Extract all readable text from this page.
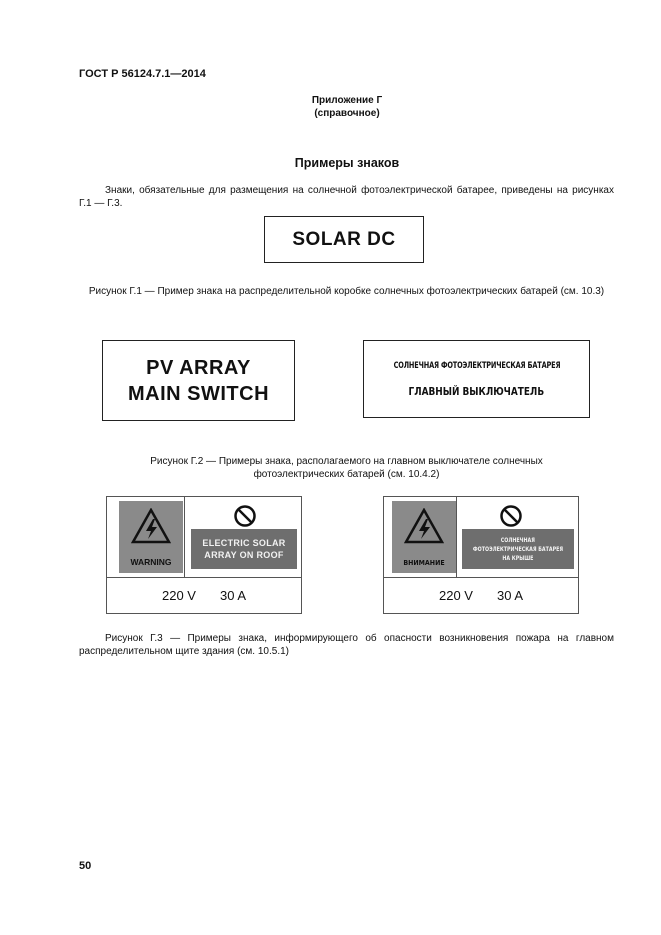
ГОСТ Р 56124.7.1—2014
Приложение Г
(справочное)
Примеры знаков
Знаки, обязательные для размещения на солнечной фотоэлектрической батарее, приведены на рисунках Г.1 — Г.3.
SOLAR DC
Рисунок Г.1 — Пример знака на распределительной коробке солнечных фотоэлектрических батарей (см. 10.3)
PV ARRAY
MAIN SWITCH
СОЛНЕЧНАЯ ФОТОЭЛЕКТРИЧЕСКАЯ БАТАРЕЯ
ГЛАВНЫЙ ВЫКЛЮЧАТЕЛЬ
Рисунок Г.2 — Примеры знака, располагаемого на главном выключателе солнечных
фотоэлектрических батарей (см. 10.4.2)
WARNING
ELECTRIC SOLAR
ARRAY ON ROOF
220 V 30 A
ВНИМАНИЕ
СОЛНЕЧНАЯ
ФОТОЭЛЕКТРИЧЕСКАЯ БАТАРЕЯ
НА КРЫШЕ
220 V 30 A
Рисунок Г.3 — Примеры знака, информирующего об опасности возникновения пожара на главном распределительном щите здания (см. 10.5.1)
50
